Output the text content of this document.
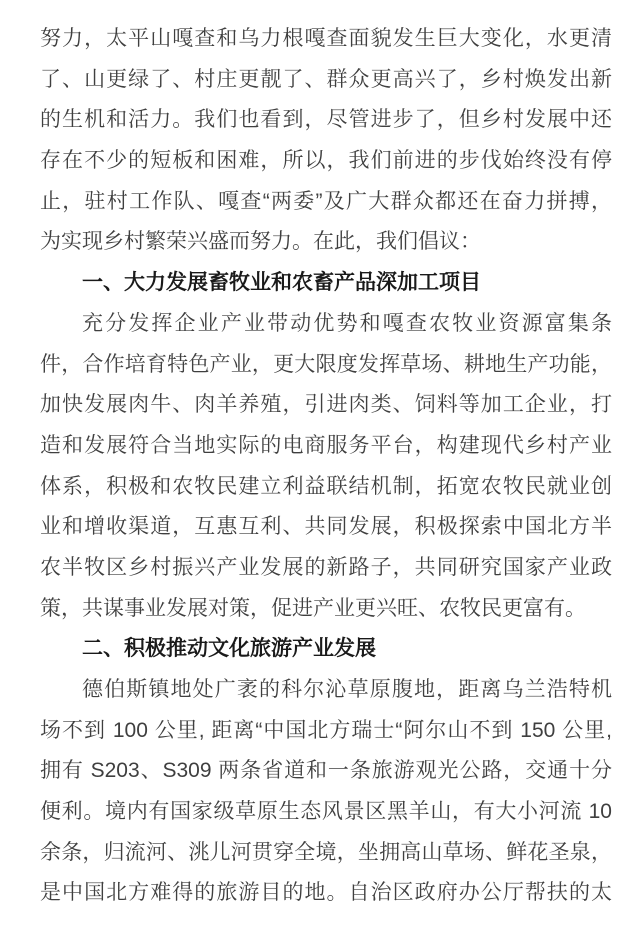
努力，太平山嘎查和乌力根嘎查面貌发生巨大变化，水更清
了、山更绿了、村庄更靓了、群众更高兴了，乡村焕发出新
的生机和活力。我们也看到，尽管进步了，但乡村发展中还
存在不少的短板和困难，所以，我们前进的步伐始终没有停
止，驻村工作队、嘎查“两委”及广大群众都还在奋力拼搏，
为实现乡村繁荣兴盛而努力。在此，我们倡议：
一、大力发展畜牧业和农畜产品深加工项目
充分发挥企业产业带动优势和嘎查农牧业资源富集条
件，合作培育特色产业，更大限度发挥草场、耕地生产功能，
加快发展肉牛、肉羊养殖，引进肉类、饲料等加工企业，打
造和发展符合当地实际的电商服务平台，构建现代乡村产业
体系，积极和农牧民建立利益联结机制，拓宽农牧民就业创
业和增收渠道，互惠互利、共同发展，积极探索中国北方半
农半牧区乡村振兴产业发展的新路子，共同研究国家产业政
策，共谋事业发展对策，促进产业更兴旺、农牧民更富有。
二、积极推动文化旅游产业发展
德伯斯镇地处广袤的科尔沁草原腹地，距离乌兰浩特机
场不到 100 公里, 距离“中国北方瑞士“阿尔山不到 150 公里,
拥有 S203、S309 两条省道和一条旅游观光公路，交通十分
便利。境内有国家级草原生态风景区黑羊山，有大小河流 10
余条，归流河、洮儿河贯穿全境，坐拥高山草场、鲜花圣泉，
是中国北方难得的旅游目的地。自治区政府办公厅帮扶的太
